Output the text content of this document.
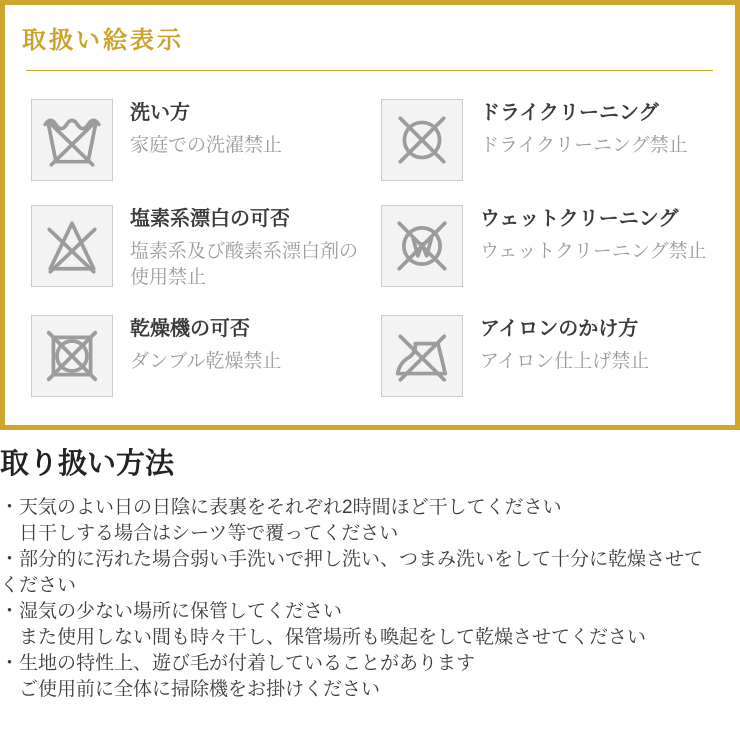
取扱い絵表示
洗い方
家庭での洗濯禁止
ドライクリーニング
ドライクリーニング禁止
塩素系漂白の可否
塩素系及び酸素系漂白剤の使用禁止
ウェットクリーニング
ウェットクリーニング禁止
乾燥機の可否
ダンブル乾燥禁止
アイロンのかけ方
アイロン仕上げ禁止
取り扱い方法
・天気のよい日の日陰に表裏をそれぞれ2時間ほど干してください
日干しする場合はシーツ等で覆ってください
・部分的に汚れた場合弱い手洗いで押し洗い、つまみ洗いをして十分に乾燥させて
ください
・湿気の少ない場所に保管してください
また使用しない間も時々干し、保管場所も喚起をして乾燥させてください
・生地の特性上、遊び毛が付着していることがあります
ご使用前に全体に掃除機をお掛けください
